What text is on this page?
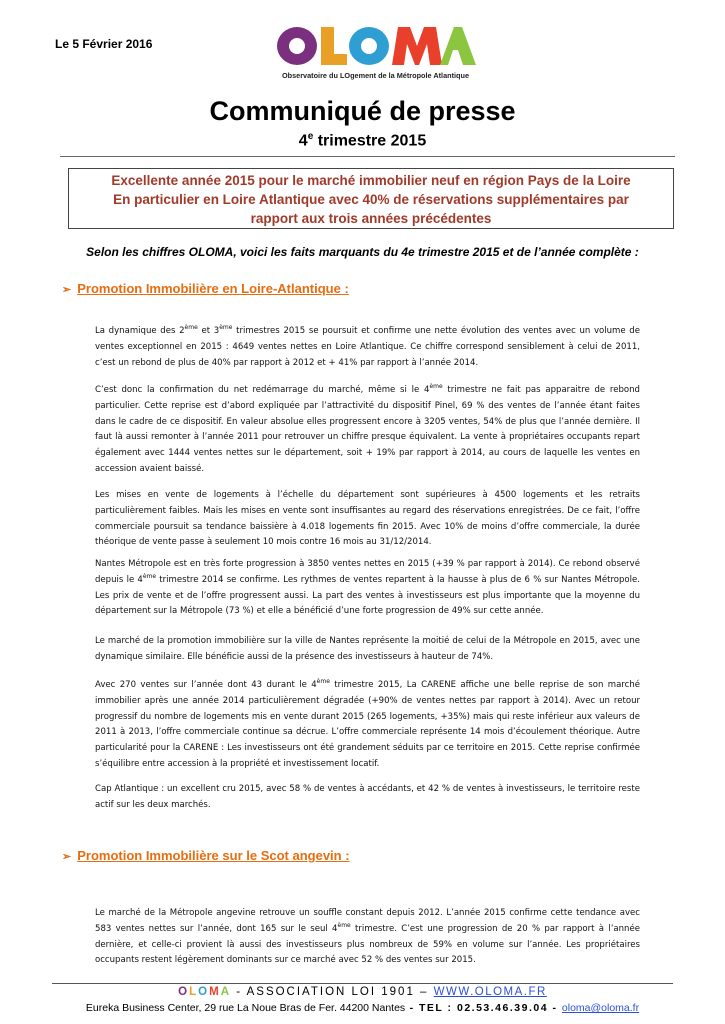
Le 5 Février 2016
Observatoire du LOgement de la Métropole Atlantique
Communiqué de presse
4e trimestre 2015
Excellente année 2015 pour le marché immobilier neuf en région Pays de la Loire
En particulier en Loire Atlantique avec 40% de réservations supplémentaires par
rapport aux trois années précédentes
Selon les chiffres OLOMA, voici les faits marquants du 4e trimestre 2015 et de l’année complète :
➢ Promotion Immobilière en Loire-Atlantique :
La dynamique des 2ème et 3ème trimestres 2015 se poursuit et confirme une nette évolution des ventes avec un volume de ventes exceptionnel en 2015 : 4649 ventes nettes en Loire Atlantique. Ce chiffre correspond sensiblement à celui de 2011, c’est un rebond de plus de 40% par rapport à 2012 et + 41% par rapport à l’année 2014.
C’est donc la confirmation du net redémarrage du marché, même si le 4ème trimestre ne fait pas apparaitre de rebond particulier. Cette reprise est d’abord expliquée par l’attractivité du dispositif Pinel, 69 % des ventes de l’année étant faites dans le cadre de ce dispositif. En valeur absolue elles progressent encore à 3205 ventes, 54% de plus que l’année dernière. Il faut là aussi remonter à l’année 2011 pour retrouver un chiffre presque équivalent. La vente à propriétaires occupants repart également avec 1444 ventes nettes sur le département, soit + 19% par rapport à 2014, au cours de laquelle les ventes en accession avaient baissé.
Les mises en vente de logements à l’échelle du département sont supérieures à 4500 logements et les retraits particulièrement faibles. Mais les mises en vente sont insuffisantes au regard des réservations enregistrées. De ce fait, l’offre commerciale poursuit sa tendance baissière à 4.018 logements fin 2015. Avec 10% de moins d’offre commerciale, la durée théorique de vente passe à seulement 10 mois contre 16 mois au 31/12/2014.
Nantes Métropole est en très forte progression à 3850 ventes nettes en 2015 (+39 % par rapport à 2014). Ce rebond observé depuis le 4ème trimestre 2014 se confirme. Les rythmes de ventes repartent à la hausse à plus de 6 % sur Nantes Métropole. Les prix de vente et de l’offre progressent aussi. La part des ventes à investisseurs est plus importante que la moyenne du département sur la Métropole (73 %) et elle a bénéficié d’une forte progression de 49% sur cette année.
Le marché de la promotion immobilière sur la ville de Nantes représente la moitié de celui de la Métropole en 2015, avec une dynamique similaire. Elle bénéficie aussi de la présence des investisseurs à hauteur de 74%.
Avec 270 ventes sur l’année dont 43 durant le 4ème trimestre 2015, La CARENE affiche une belle reprise de son marché immobilier après une année 2014 particulièrement dégradée (+90% de ventes nettes par rapport à 2014). Avec un retour progressif du nombre de logements mis en vente durant 2015 (265 logements, +35%) mais qui reste inférieur aux valeurs de 2011 à 2013, l’offre commerciale continue sa décrue. L’offre commerciale représente 14 mois d’écoulement théorique. Autre particularité pour la CARENE : Les investisseurs ont été grandement séduits par ce territoire en 2015. Cette reprise confirmée s’équilibre entre accession à la propriété et investissement locatif.
Cap Atlantique : un excellent cru 2015, avec 58 % de ventes à accédants, et 42 % de ventes à investisseurs, le territoire reste actif sur les deux marchés.
➢ Promotion Immobilière sur le Scot angevin :
Le marché de la Métropole angevine retrouve un souffle constant depuis 2012. L’année 2015 confirme cette tendance avec 583 ventes nettes sur l’année, dont 165 sur le seul 4ème trimestre. C’est une progression de 20 % par rapport à l’année dernière, et celle-ci provient là aussi des investisseurs plus nombreux de 59% en volume sur l’année. Les propriétaires occupants restent légèrement dominants sur ce marché avec 52 % des ventes sur 2015.
OLOMA - ASSOCIATION LOI 1901 – WWW.OLOMA.FR
Eureka Business Center, 29 rue La Noue Bras de Fer. 44200 Nantes - TEL : 02.53.46.39.04 - oloma@oloma.fr
